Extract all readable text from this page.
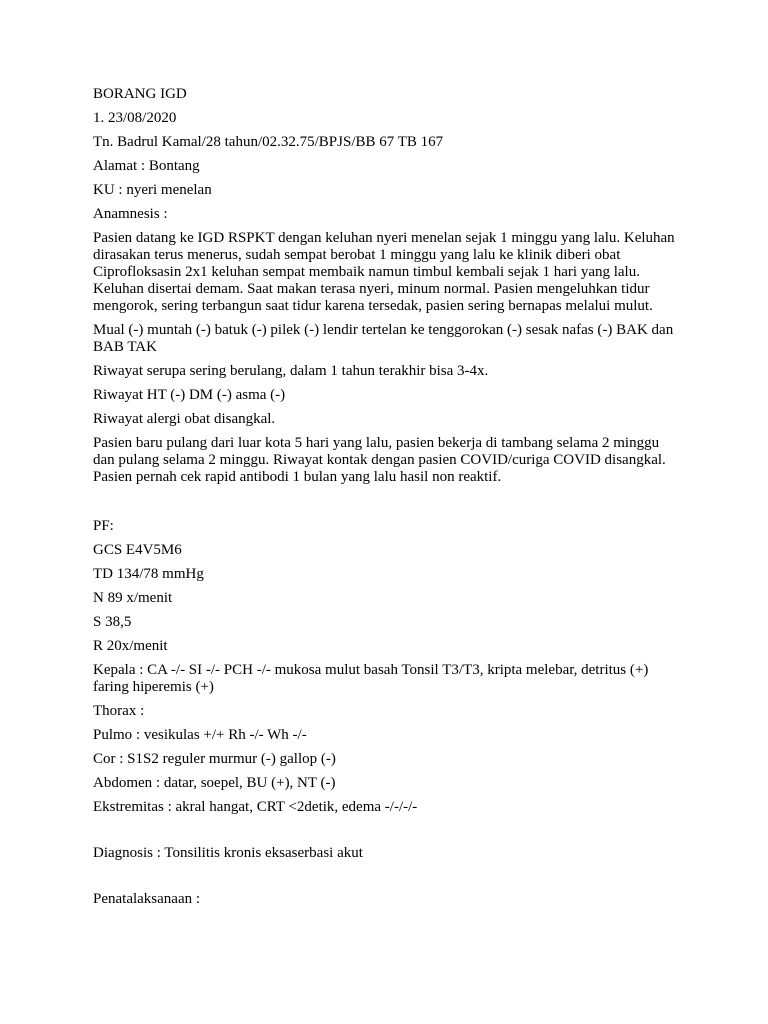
BORANG IGD

1. 23/08/2020

Tn. Badrul Kamal/28 tahun/02.32.75/BPJS/BB 67 TB 167

Alamat : Bontang

KU : nyeri menelan

Anamnesis :

Pasien datang ke IGD RSPKT dengan keluhan nyeri menelan sejak 1 minggu yang lalu. Keluhan dirasakan terus menerus, sudah sempat berobat 1 minggu yang lalu ke klinik diberi obat Ciprofloksasin 2x1 keluhan sempat membaik namun timbul kembali sejak 1 hari yang lalu. Keluhan disertai demam. Saat makan terasa nyeri, minum normal. Pasien mengeluhkan tidur mengorok, sering terbangun saat tidur karena tersedak, pasien sering bernapas melalui mulut.

Mual (-) muntah (-) batuk (-) pilek (-) lendir tertelan ke tenggorokan (-) sesak nafas (-) BAK dan BAB TAK

Riwayat serupa sering berulang, dalam 1 tahun terakhir bisa 3-4x.

Riwayat HT (-) DM (-) asma (-)

Riwayat alergi obat disangkal.

Pasien baru pulang dari luar kota 5 hari yang lalu, pasien bekerja di tambang selama 2 minggu dan pulang selama 2 minggu. Riwayat kontak dengan pasien COVID/curiga COVID disangkal. Pasien pernah cek rapid antibodi 1 bulan yang lalu hasil non reaktif.

PF:

GCS E4V5M6

TD 134/78 mmHg

N 89 x/menit

S 38,5

R 20x/menit

Kepala : CA -/- SI -/- PCH -/- mukosa mulut basah Tonsil T3/T3, kripta melebar, detritus (+) faring hiperemis (+)

Thorax :

Pulmo : vesikulas +/+ Rh -/- Wh -/-

Cor : S1S2 reguler murmur (-) gallop (-)

Abdomen : datar, soepel, BU (+), NT (-)

Ekstremitas : akral hangat, CRT <2detik, edema -/-/-/-

Diagnosis : Tonsilitis kronis eksaserbasi akut

Penatalaksanaan :
